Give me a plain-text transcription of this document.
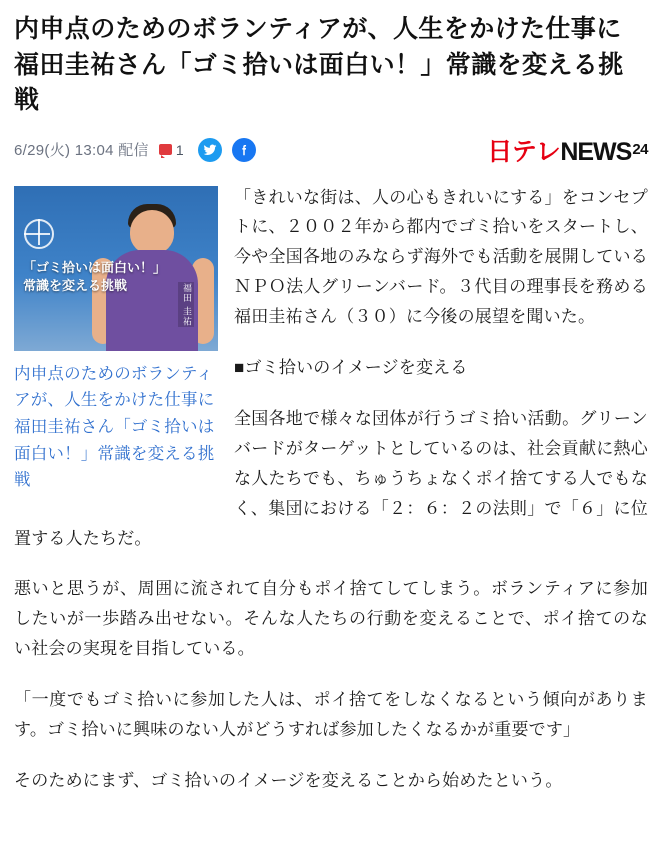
内申点のためのボランティアが、人生をかけた仕事に　福田圭祐さん「ゴミ拾いは面白い！」常識を変える挑戦
6/29(火) 13:04 配信 1	日テレ NEWS 24
福田 圭祐
「ゴミ拾いは面白い！」
常識を変える挑戦
内申点のためのボランティアが、人生をかけた仕事に　福田圭祐さん「ゴミ拾いは面白い！」常識を変える挑戦

「きれいな街は、人の心もきれいにする」をコンセプトに、２００２年から都内でゴミ拾いをスタートし、今や全国各地のみならず海外でも活動を展開しているＮＰＯ法人グリーンバード。３代目の理事長を務める福田圭祐さん（３０）に今後の展望を聞いた。

■ゴミ拾いのイメージを変える

全国各地で様々な団体が行うゴミ拾い活動。グリーンバードがターゲットとしているのは、社会貢献に熱心な人たちでも、ちゅうちょなくポイ捨てする人でもなく、集団における「２：６：２の法則」で「６」に位置する人たちだ。

悪いと思うが、周囲に流されて自分もポイ捨てしてしまう。ボランティアに参加したいが一歩踏み出せない。そんな人たちの行動を変えることで、ポイ捨てのない社会の実現を目指している。

「一度でもゴミ拾いに参加した人は、ポイ捨てをしなくなるという傾向があります。ゴミ拾いに興味のない人がどうすれば参加したくなるかが重要です」

そのためにまず、ゴミ拾いのイメージを変えることから始めたという。
